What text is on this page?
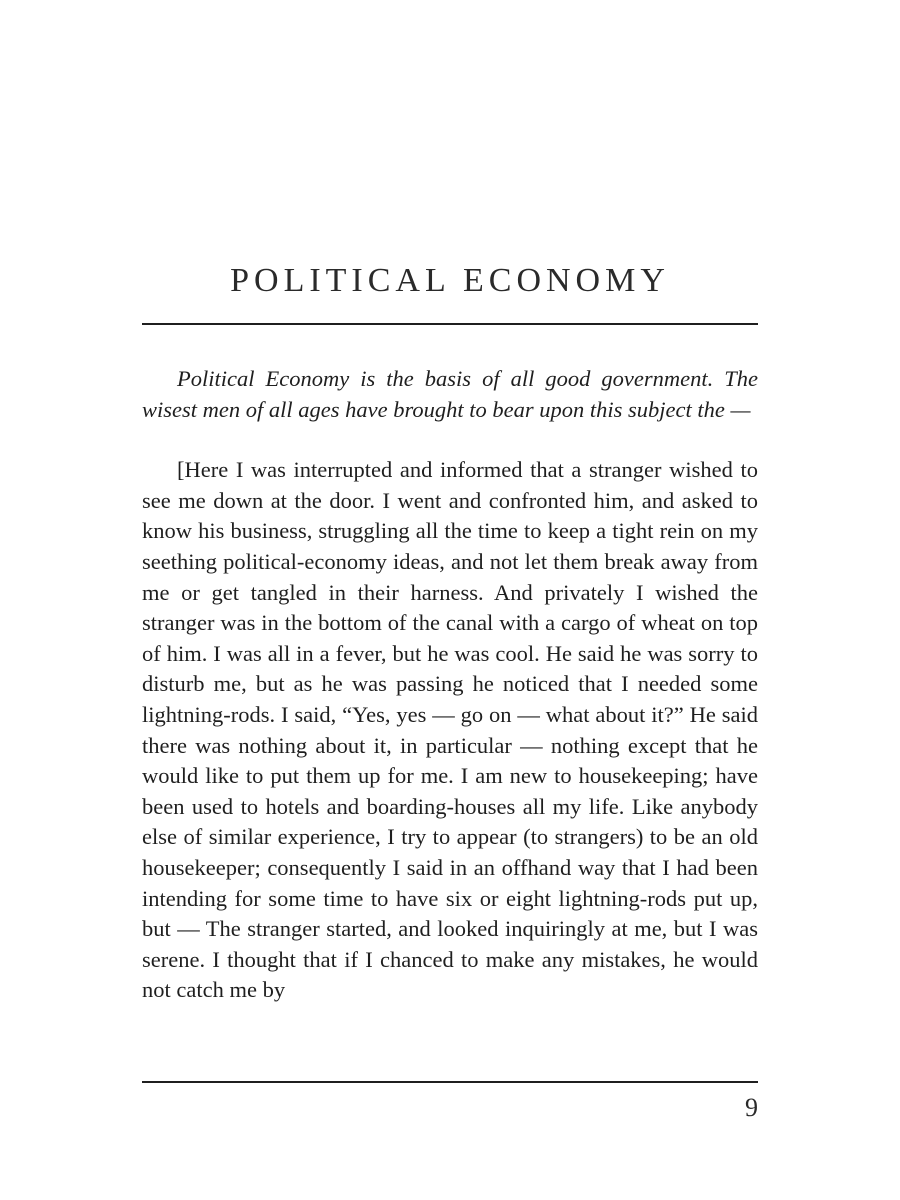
POLITICAL ECONOMY

Political Economy is the basis of all good government. The wisest men of all ages have brought to bear upon this subject the —

[Here I was interrupted and informed that a stranger wished to see me down at the door. I went and confronted him, and asked to know his business, struggling all the time to keep a tight rein on my seething political-economy ideas, and not let them break away from me or get tangled in their harness. And privately I wished the stranger was in the bottom of the canal with a cargo of wheat on top of him. I was all in a fever, but he was cool. He said he was sorry to disturb me, but as he was passing he noticed that I needed some lightning-rods. I said, “Yes, yes — go on — what about it?” He said there was nothing about it, in particular — nothing except that he would like to put them up for me. I am new to housekeeping; have been used to hotels and boarding-houses all my life. Like anybody else of similar experience, I try to appear (to strangers) to be an old housekeeper; consequently I said in an offhand way that I had been intending for some time to have six or eight lightning-rods put up, but — The stranger started, and looked inquiringly at me, but I was serene. I thought that if I chanced to make any mistakes, he would not catch me by

9
